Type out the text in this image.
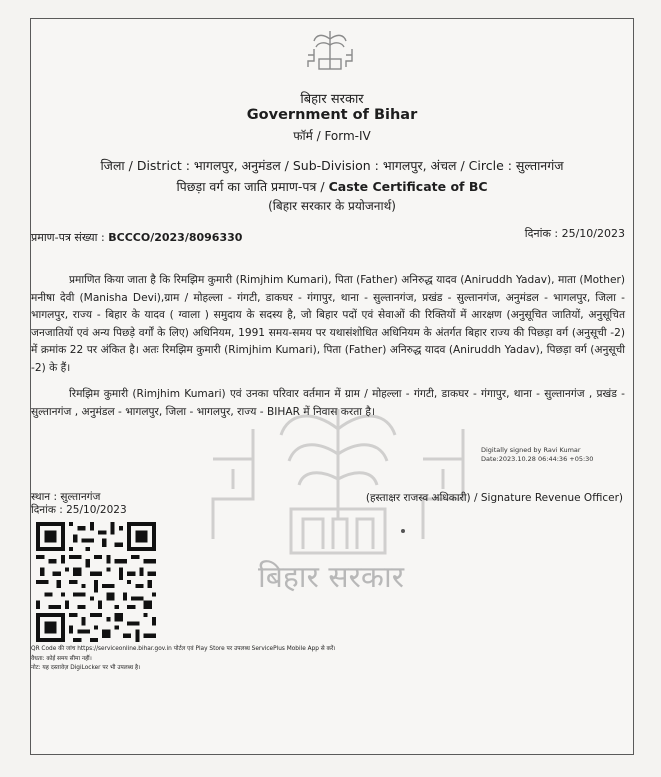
बिहार सरकार
बिहार सरकार
Government of Bihar
फॉर्म / Form-IV
जिला / District : भागलपुर, अनुमंडल / Sub-Division : भागलपुर, अंचल / Circle : सुल्तानगंज
पिछड़ा वर्ग का जाति प्रमाण-पत्र / Caste Certificate of BC
(बिहार सरकार के प्रयोजनार्थ)
प्रमाण-पत्र संख्या : BCCCO/2023/8096330	दिनांक : 25/10/2023
प्रमाणित किया जाता है कि रिमझिम कुमारी (Rimjhim Kumari), पिता (Father) अनिरुद्ध यादव (Aniruddh Yadav), माता (Mother) मनीषा देवी (Manisha Devi),ग्राम / मोहल्ला - गंगटी, डाकघर - गंगापुर, थाना - सुल्तानगंज, प्रखंड - सुल्तानगंज, अनुमंडल - भागलपुर, जिला - भागलपुर, राज्य - बिहार के यादव ( ग्वाला ) समुदाय के सदस्य है, जो बिहार पदों एवं सेवाओं की रिक्तियों में आरक्षण (अनुसूचित जातियों, अनुसूचित जनजातियों एवं अन्य पिछड़े वर्गों के लिए) अधिनियम, 1991 समय-समय पर यथासंशोधित अधिनियम के अंतर्गत बिहार राज्य की पिछड़ा वर्ग (अनुसूची -2) में क्रमांक 22 पर अंकित है। अतः रिमझिम कुमारी (Rimjhim Kumari), पिता (Father) अनिरुद्ध यादव (Aniruddh Yadav), पिछड़ा वर्ग (अनुसूची -2) के हैं।
रिमझिम कुमारी (Rimjhim Kumari) एवं उनका परिवार वर्तमान में ग्राम / मोहल्ला - गंगटी, डाकघर - गंगापुर, थाना - सुल्तानगंज , प्रखंड - सुल्तानगंज , अनुमंडल - भागलपुर, जिला - भागलपुर, राज्य - BIHAR में निवास करता है।
Digitally signed by Ravi Kumar
Date:2023.10.28 06:44:36 +05:30
स्थान : सुल्तानगंज
दिनांक : 25/10/2023
(हस्ताक्षर राजस्व अधिकारी) / Signature Revenue Officer)
QR Code की जांच https://serviceonline.bihar.gov.in पोर्टल एवं Play Store पर उपलब्ध ServicePlus Mobile App से करें।
वैधता: कोई समय सीमा नहीं।
नोट: यह दस्तावेज़ DigiLocker पर भी उपलब्ध है।
